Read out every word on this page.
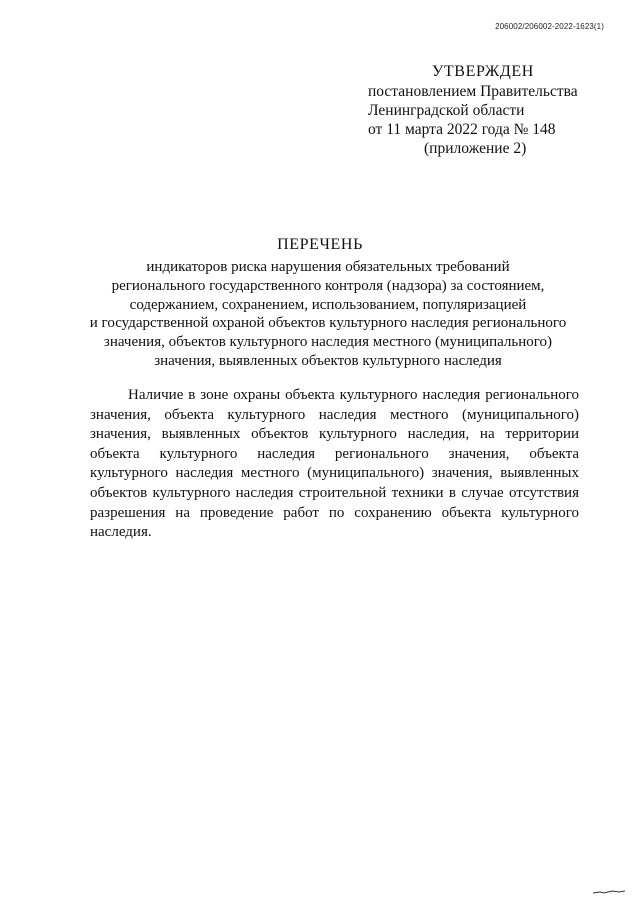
206002/206002-2022-1623(1)
УТВЕРЖДЕН
постановлением Правительства
Ленинградской области
от 11 марта 2022 года № 148
(приложение 2)
ПЕРЕЧЕНЬ
индикаторов риска нарушения обязательных требований
регионального государственного контроля (надзора) за состоянием,
содержанием, сохранением, использованием, популяризацией
и государственной охраной объектов культурного наследия регионального
значения, объектов культурного наследия местного (муниципального)
значения, выявленных объектов культурного наследия

Наличие в зоне охраны объекта культурного наследия регионального значения, объекта культурного наследия местного (муниципального) значения, выявленных объектов культурного наследия, на территории объекта культурного наследия регионального значения, объекта культурного наследия местного (муниципального) значения, выявленных объектов культурного наследия строительной техники в случае отсутствия разрешения на проведение работ по сохранению объекта культурного наследия.
